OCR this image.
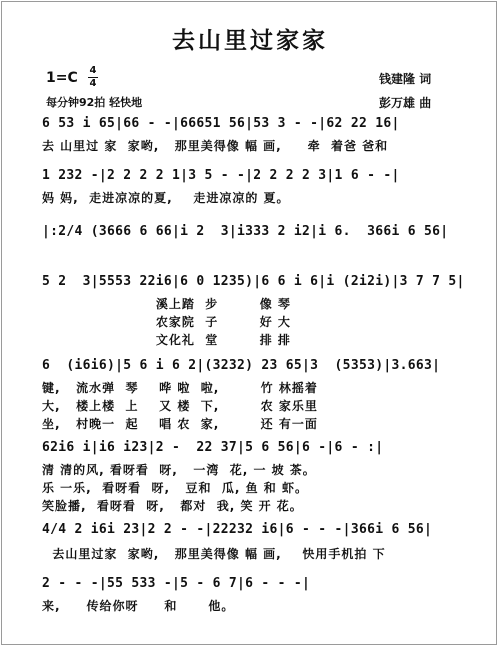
去山里过家家
1=C 4
4
每分钟92拍 轻快地
钱建隆 词
彭万雄 曲
6 53 i 65|66 - -|66651 56|53 3 - -|62 22 16|
去 山里过 家  家哟,   那里美得像 幅 画,     牵  着爸 爸和
1 232 -|2 2 2 2 1|3 5 - -|2 2 2 2 3|1 6 - -|
妈 妈,  走进凉凉的夏,    走进凉凉的 夏。
|:2/4 (3666 6 66|i 2  3|i333 2 i2|i 6.  366i 6 56|
5 2  3|5553 22i6|6 0 1235)|6 6 i 6|i (2i2i)|3 7 7 5|
溪上踏  步        像 琴
农家院  子        好 大
文化礼  堂        排 排
6  (i6i6)|5 6 i 6 2|(3232) 23 65|3  (5353)|3.663|
键,   流水弹  琴    哗 啦  啦,        竹 林摇着
大,   楼上楼  上    又 楼  下,        农 家乐里
坐,   村晚一  起    唱 农  家,        还 有一面
62i6 i|i6 i23|2 -  22 37|5 6 56|6 -|6 - :|
清 清的风, 看呀看  呀,   一湾  花, 一 坡 茶。
乐 一乐,  看呀看  呀,   豆和  瓜, 鱼 和 虾。
笑脸播,  看呀看  呀,   都对  我, 笑 开 花。
4/4 2 i6i 23|2 2 - -|22232 i6|6 - - -|366i 6 56|
去山里过家  家哟,   那里美得像 幅 画,    快用手机拍 下
2 - - -|55 533 -|5 - 6 7|6 - - -|
来,     传给你呀     和      他。
